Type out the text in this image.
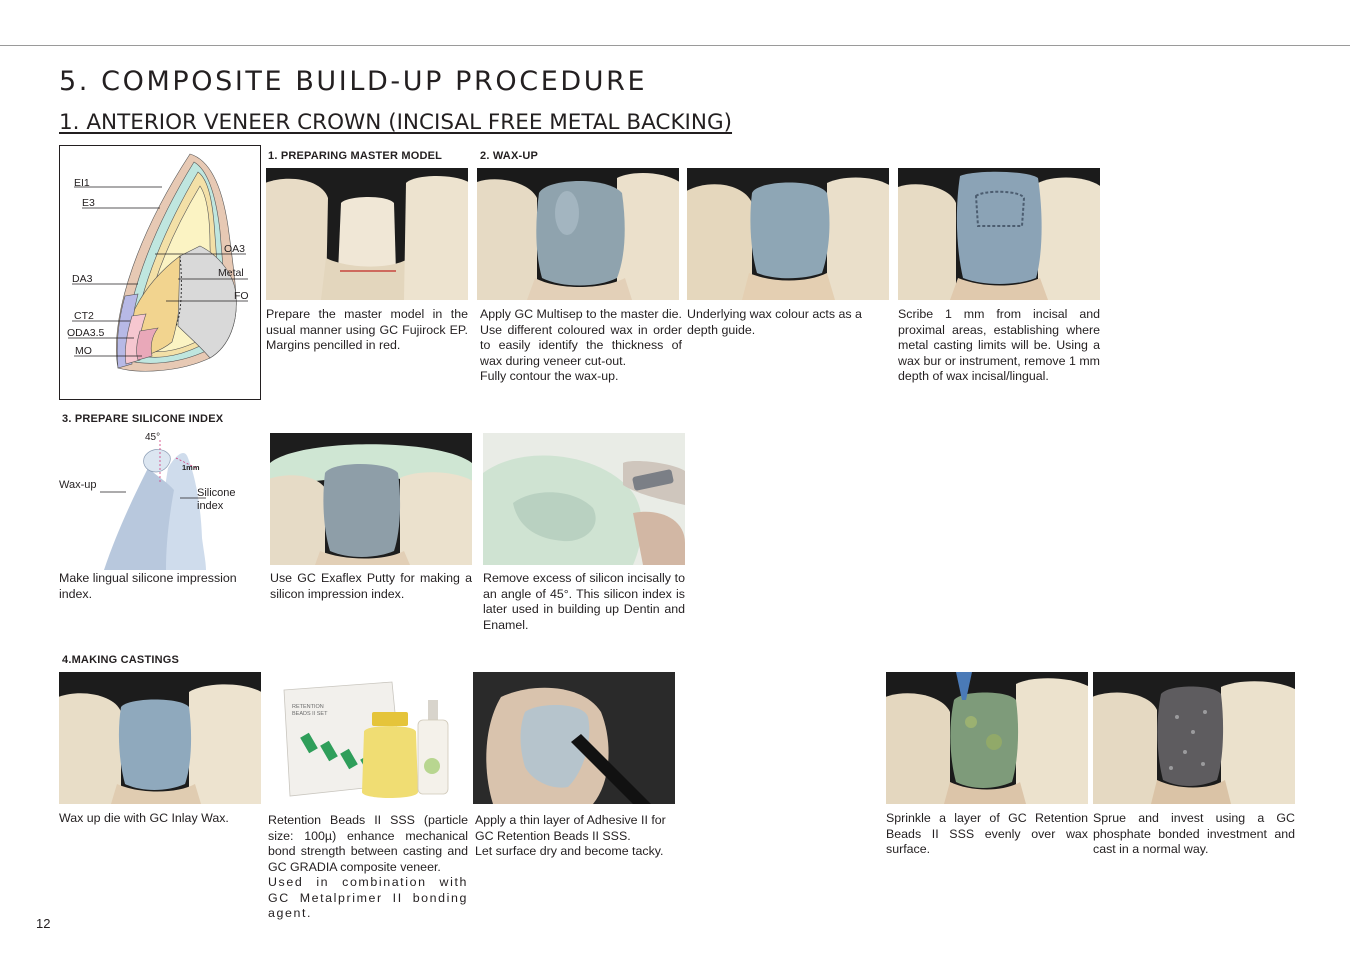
5. COMPOSITE BUILD-UP PROCEDURE
1. ANTERIOR VENEER CROWN (INCISAL FREE METAL BACKING)
EI1
E3
OA3
Metal
FO
DA3
CT2
ODA3.5
MO
1. PREPARING MASTER MODEL	2. WAX-UP
3. PREPARE SILICONE INDEX
4.MAKING CASTINGS

Prepare the master model in the usual manner using GC Fujirock EP. Margins pencilled in red.

Apply GC Multisep to the master die. Use different coloured wax in order to easily identify the thickness of wax during veneer cut-out.

Fully contour the wax-up.

Underlying wax colour acts as a depth guide.

Scribe 1 mm from incisal and proximal areas, establishing where metal casting limits will be. Using a wax bur or instrument, remove 1 mm depth of wax incisal/lingual.

45°
1mm
Wax-up
Silicone
index

Make lingual silicone impression index.

Use GC Exaflex Putty for making a silicon impression index.

Remove excess of silicon incisally to an angle of 45°. This silicon index is later used in building up Dentin and Enamel.

RETENTION
BEADS II SET

Wax up die with GC Inlay Wax.	Retention Beads II SSS (particle size: 100µ) enhance mechanical bond strength between casting and GC GRADIA composite veneer.

Used in combination with GC Metalprimer II bonding agent.

Apply a thin layer of Adhesive II for GC Retention Beads II SSS.

Let surface dry and become tacky.

Sprinkle a layer of GC Retention Beads II SSS evenly over wax surface.

Sprue and invest using a GC phosphate bonded investment and cast in a normal way.

12
